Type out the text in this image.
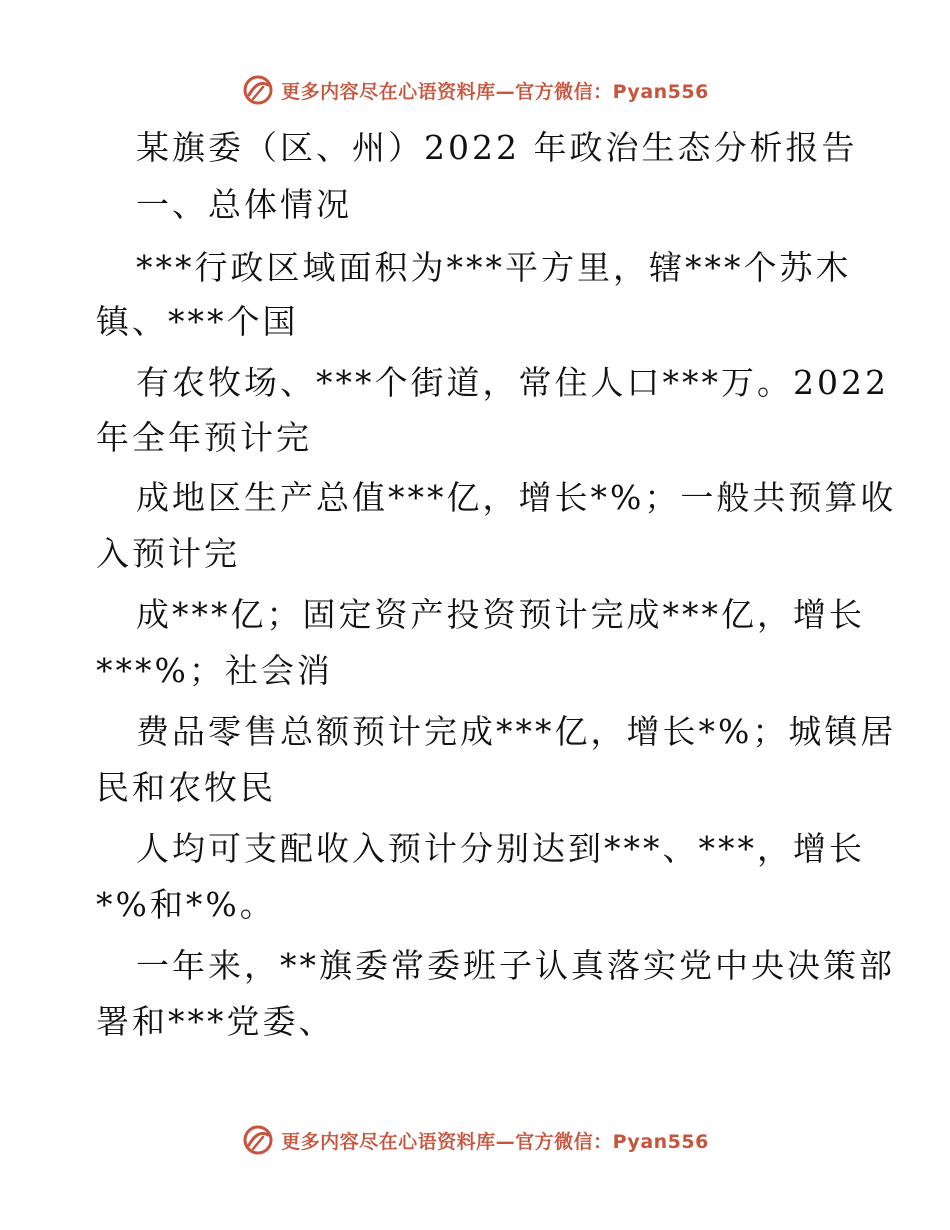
更多内容尽在心语资料库—官方微信：Pyan556
某旗委（区、州）2022 年政治生态分析报告
一、总体情况
***行政区域面积为***平方里，辖***个苏木
镇、***个国
有农牧场、***个街道，常住人口***万。2022
年全年预计完
成地区生产总值***亿，增长*%；一般共预算收
入预计完
成***亿；固定资产投资预计完成***亿，增长
***%；社会消
费品零售总额预计完成***亿，增长*%；城镇居
民和农牧民
人均可支配收入预计分别达到***、***，增长
*%和*%。
一年来，**旗委常委班子认真落实党中央决策部
署和***党委、
更多内容尽在心语资料库—官方微信：Pyan556
